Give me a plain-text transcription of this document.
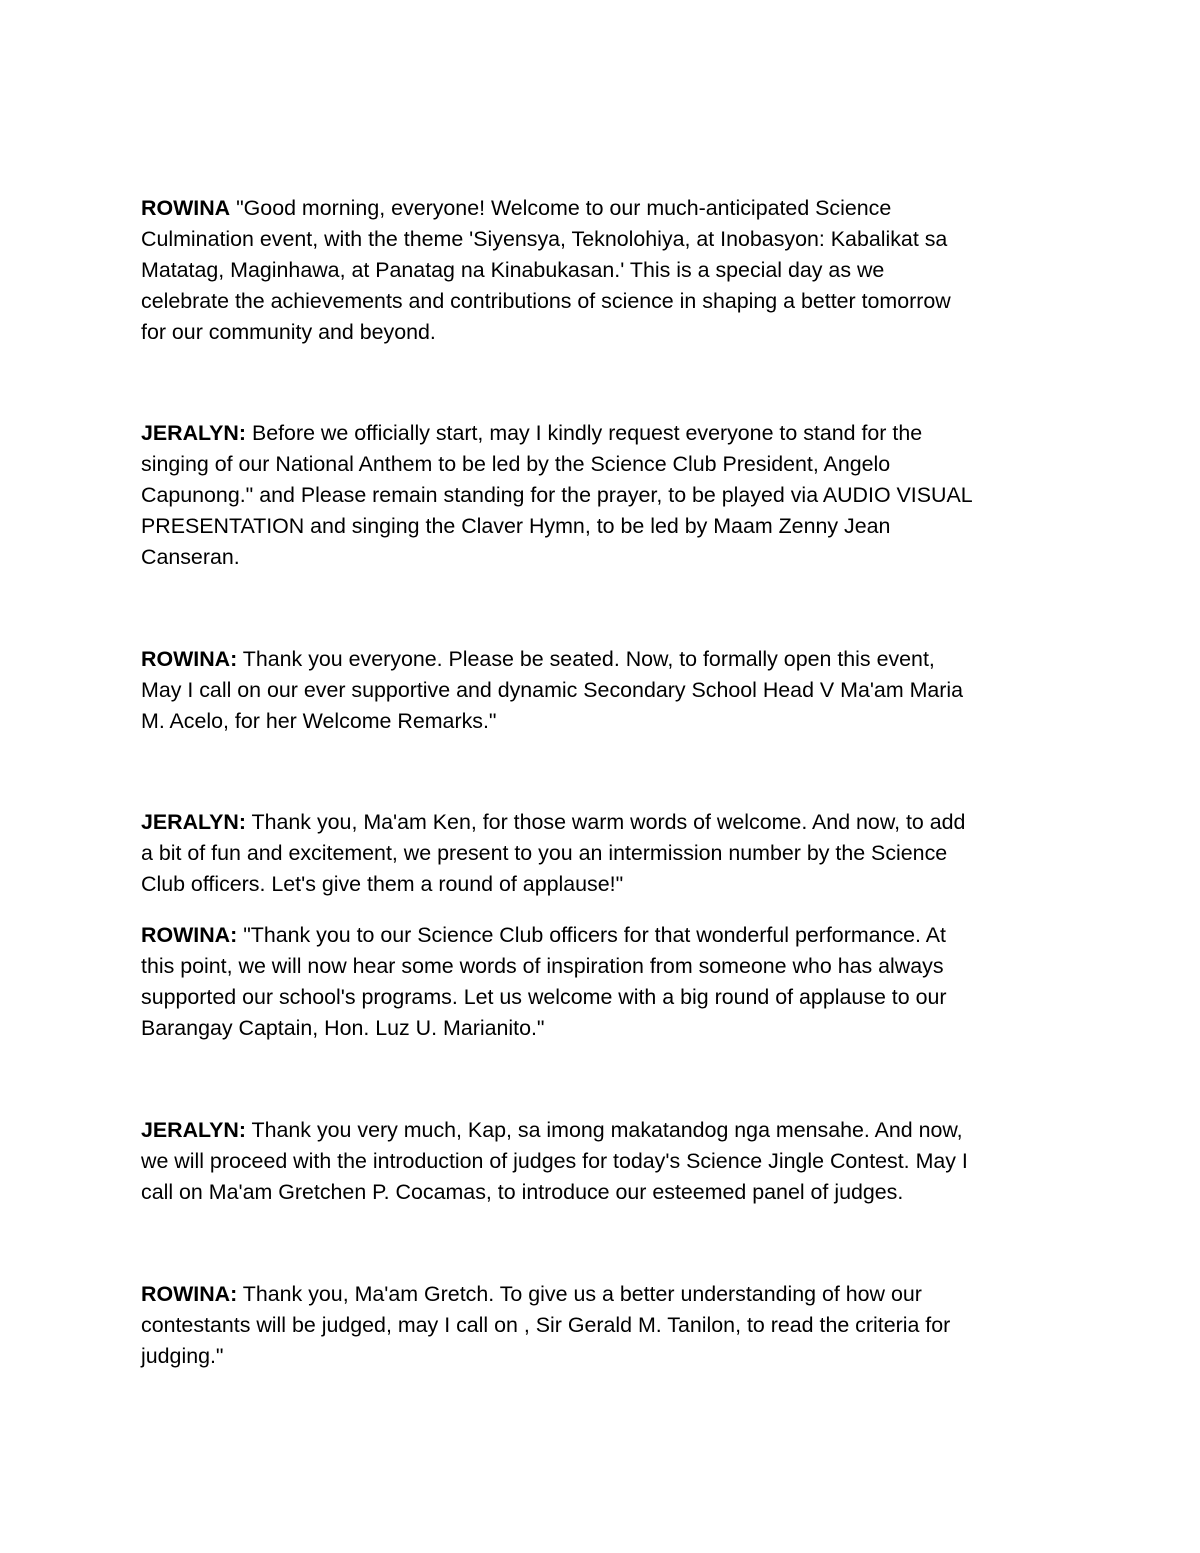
ROWINA "Good morning, everyone! Welcome to our much-anticipated Science
Culmination event, with the theme 'Siyensya, Teknolohiya, at Inobasyon: Kabalikat sa
Matatag, Maginhawa, at Panatag na Kinabukasan.' This is a special day as we
celebrate the achievements and contributions of science in shaping a better tomorrow
for our community and beyond.

JERALYN: Before we officially start, may I kindly request everyone to stand for the
singing of our National Anthem to be led by the Science Club President, Angelo
Capunong." and Please remain standing for the prayer, to be played via AUDIO VISUAL
PRESENTATION and singing the Claver Hymn, to be led by Maam Zenny Jean
Canseran.

ROWINA: Thank you everyone. Please be seated. Now, to formally open this event,
May I call on our ever supportive and dynamic Secondary School Head V Ma'am Maria
M. Acelo, for her Welcome Remarks."

JERALYN: Thank you, Ma'am Ken, for those warm words of welcome. And now, to add
a bit of fun and excitement, we present to you an intermission number by the Science
Club officers. Let's give them a round of applause!"

ROWINA: "Thank you to our Science Club officers for that wonderful performance. At
this point, we will now hear some words of inspiration from someone who has always
supported our school's programs. Let us welcome with a big round of applause to our
Barangay Captain, Hon. Luz U. Marianito."

JERALYN: Thank you very much, Kap, sa imong makatandog nga mensahe. And now,
we will proceed with the introduction of judges for today's Science Jingle Contest. May I
call on Ma'am Gretchen P. Cocamas, to introduce our esteemed panel of judges.

ROWINA: Thank you, Ma'am Gretch. To give us a better understanding of how our
contestants will be judged, may I call on , Sir Gerald M. Tanilon, to read the criteria for
judging."
